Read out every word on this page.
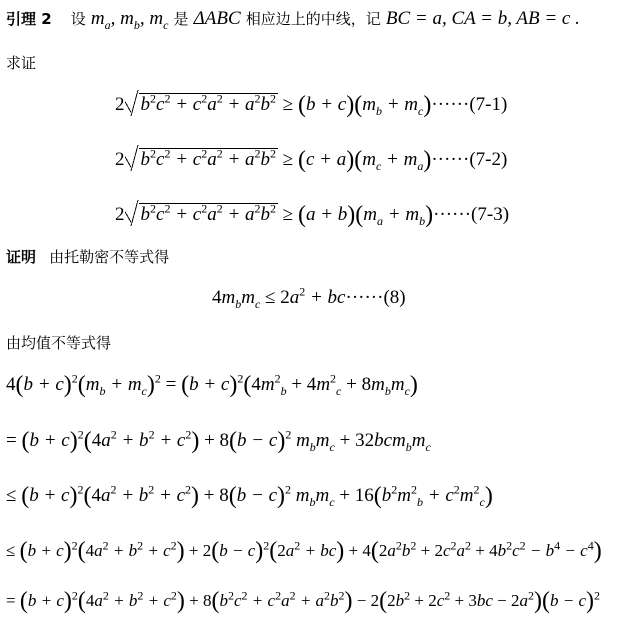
引理 2 设 $m_a$, $m_b$, $m_c$ 是 ΔABC 相应边上的中线，记 BC = a, CA = b, AB = c .
求证
2 $b^2c^2 + c^2a^2 + a^2b^2 \ge (b + c)(m_b + m_c)\cdot\cdot\cdot\cdot\cdot\cdot(7-1)$
2 $b^2c^2 + c^2a^2 + a^2b^2 \ge (c + a)(m_c + m_a)\cdot\cdot\cdot\cdot\cdot\cdot(7-2)$
2 $b^2c^2 + c^2a^2 + a^2b^2 \ge (a + b)(m_a + m_b)\cdot\cdot\cdot\cdot\cdot\cdot(7-3)$
证明 由托勒密不等式得
$4m_bm_c \le 2a^2 + bc\cdot\cdot\cdot\cdot\cdot\cdot(8)$
由均值不等式得
$4(b + c)^2(m_b + m_c)^2 = (b + c)^2(4m^2_b + 4m^2_c + 8m_bm_c)$
= $(b + c)^2(4a^2 + b^2 + c^2) + 8(b - c)^2$ $m_bm_c + 32bcm_bm_c$
≤ $(b + c)^2(4a^2 + b^2 + c^2) + 8(b - c)^2$ $m_bm_c + 16(b^2m^2_b + c^2m^2_c)$
≤ $(b + c)^2(4a^2 + b^2 + c^2) + 2(b - c)^2(2a^2 + bc) + 4(2a^2b^2 + 2c^2a^2 + 4b^2c^2 - b^4 - c^4)$
= $(b + c)^2(4a^2 + b^2 + c^2) + 8(b^2c^2 + c^2a^2 + a^2b^2) - 2(2b^2 + 2c^2 + 3bc - 2a^2)(b - c)^2$
